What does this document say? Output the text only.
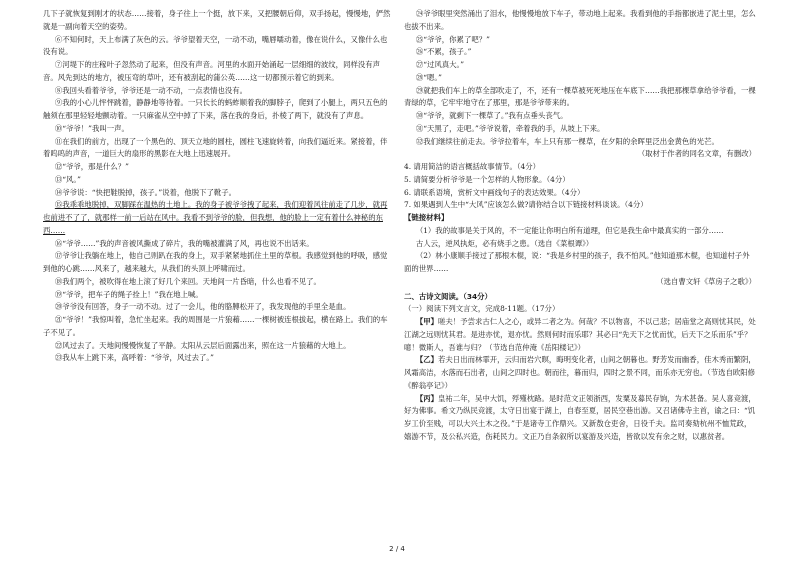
几下子就恢复到刚才的状态……接着，身子往上一个挺，放下来，又把腰朝后仰，双手扬起，慢慢地，俨然就是一副向着天空的姿势。

⑥不知何时，天上布满了灰色的云。爷爷望着天空，一动不动，嘴唇嚅动着，像在说什么，又像什么也没有说。

⑦河堤下的庄稼叶子忽然动了起来，但没有声音。河里的水面开始涌起一层细细的波纹，同样没有声音。风先到达的地方，被压弯的草叶，还有被刮起的蒲公英……这一切都预示着它的到来。

⑧我回头看着爷爷，爷爷还是一动不动，一点表情也没有。

⑨我的小心儿怦怦跳着，静静地等待着。一只长长的蚂蚱顺着我的脚脖子，爬到了小腿上，两只五色的触须在那里轻轻地颤动着。一只麻雀从空中掉了下来，落在我的身后，扑棱了两下，就没有了声息。

⑩“爷爷！”我叫一声。

⑪在我们的前方，出现了一个黑色的、顶天立地的圆柱，圆柱飞速旋转着，向我们逼近来。紧接着，伴着呜呜的声音，一道巨大的扇形的黑影在大地上迅速展开。

⑫“爷爷，那是什么？”

⑬“风。”

⑭爷爷说：“快把鞋脱掉，孩子。”说着，他脱下了靴子。

⑮我乖乖地脱掉，双脚踩在温热的土地上。我的身子被爷爷拽了起来，我们迎着风往前走了几步，就再也前进不了了，就那样一前一后站在风中。我看不到爷爷的脸，但我想，他的脸上一定有着什么神秘的东西……

⑯“爷爷……”我的声音被风撕成了碎片，我的嘴被灌满了风，再也说不出话来。

⑰爷爷让我躺在地上，他自己则趴在我的身上，双手紧紧地抓住土里的草根。我感觉到他的呼吸，感觉到他的心跳……风来了，越来越大，从我们的头顶上呼啸而过。

⑱我们两个，被吹得在地上滚了好几个来回。天地间一片昏暗，什么也看不见了。

⑲“爷爷，把车子的绳子拴上！”我在地上喊。

⑳爷爷没有回答，身子一动不动。过了一会儿，他的胳膊松开了，我发现他的手里全是血。

㉑“爷爷！”我惊叫着，急忙坐起来。我的周围是一片狼藉……一棵树被连根拔起，横在路上。我们的车子不见了。

㉒风过去了。天地间慢慢恢复了平静。太阳从云层后面露出来，照在这一片狼藉的大地上。

㉓我从车上跳下来，高呼着：“爷爷，风过去了。”

㉔爷爷眼里突然涌出了泪水，他慢慢地放下车子，带动地上起来。我看到他的手指都嵌进了泥土里，怎么也拔不出来。

㉕“爷爷，你累了吧？”

㉖“不累，孩子。”

㉗“过风真大。”

㉘“嗯。”

㉙就把我们车上的草全部吹走了，不，还有一棵草被死死地压在车底下……我把那棵草拿给爷爷看，一棵青绿的草，它牢牢地守在了那里，那是爷爷带来的。

㉚“爷爷，就剩下一棵草了。”我有点垂头丧气。

㉛“天黑了，走吧。”爷爷说着，牵着我的手，从坡上下来。

㉜我们继续往前走去。爷爷拉着车，车上只有那一棵草，在夕阳的余晖里泛出金黄色的光芒。

（取材于作者的同名文章，有删改）

4. 请用简洁的语言概括故事情节。（4分）

5. 请简要分析爷爷是一个怎样的人物形象。（4分）

6. 请联系语境，赏析文中画线句子的表达效果。（4分）

7. 如果遇到人生中“大风”应该怎么做?请你结合以下链接材料谈谈。（4分）

【链接材料】

（1）我的故事是关于风的，不一定能让你明白所有道理，但它是我生命中最真实的一部分……

古人云，逆风执炬，必有烧手之患。（选自《菜根谭》）

（2）林小康顺手接过了那根木棍，说：“我是乡村里的孩子，我不怕风。”他知道那木棍，也知道村子外面的世界……

（选自曹文轩《草房子之歌》）

二、古诗文阅读。（34分）

（一）阅读下列文言文，完成8-11题。（17分）

【甲】嗟夫！予尝求古仁人之心，或异二者之为。何哉？不以物喜，不以己悲；居庙堂之高则忧其民，处江湖之远则忧其君。是进亦忧，退亦忧。然则何时而乐耶？其必曰“先天下之忧而忧，后天下之乐而乐”乎？噫！微斯人，吾谁与归？（节选自范仲淹《岳阳楼记》）

【乙】若夫日出而林霏开，云归而岩穴暝，晦明变化者，山间之朝暮也。野芳发而幽香，佳木秀而繁阴，风霜高洁，水落而石出者，山间之四时也。朝而往，暮而归，四时之景不同，而乐亦无穷也。（节选自欧阳修《醉翁亭记》）

【丙】皇祐二年，吴中大饥，殍殣枕路。是时范文正领浙西，发粟及募民存饷，为术甚备。吴人喜竞渡，好为佛事。希文乃纵民竞渡，太守日出宴于湖上，自春至夏，居民空巷出游。又召诸佛寺主首，谕之曰：“饥岁工价至贱，可以大兴土木之役。”于是诸寺工作鼎兴。又新敖仓吏舍，日役千夫。监司奏劾杭州不恤荒政，嬉游不节，及公私兴造，伤耗民力。文正乃自条叙所以宴游及兴造，皆欲以发有余之财，以惠贫者。

2 / 4
